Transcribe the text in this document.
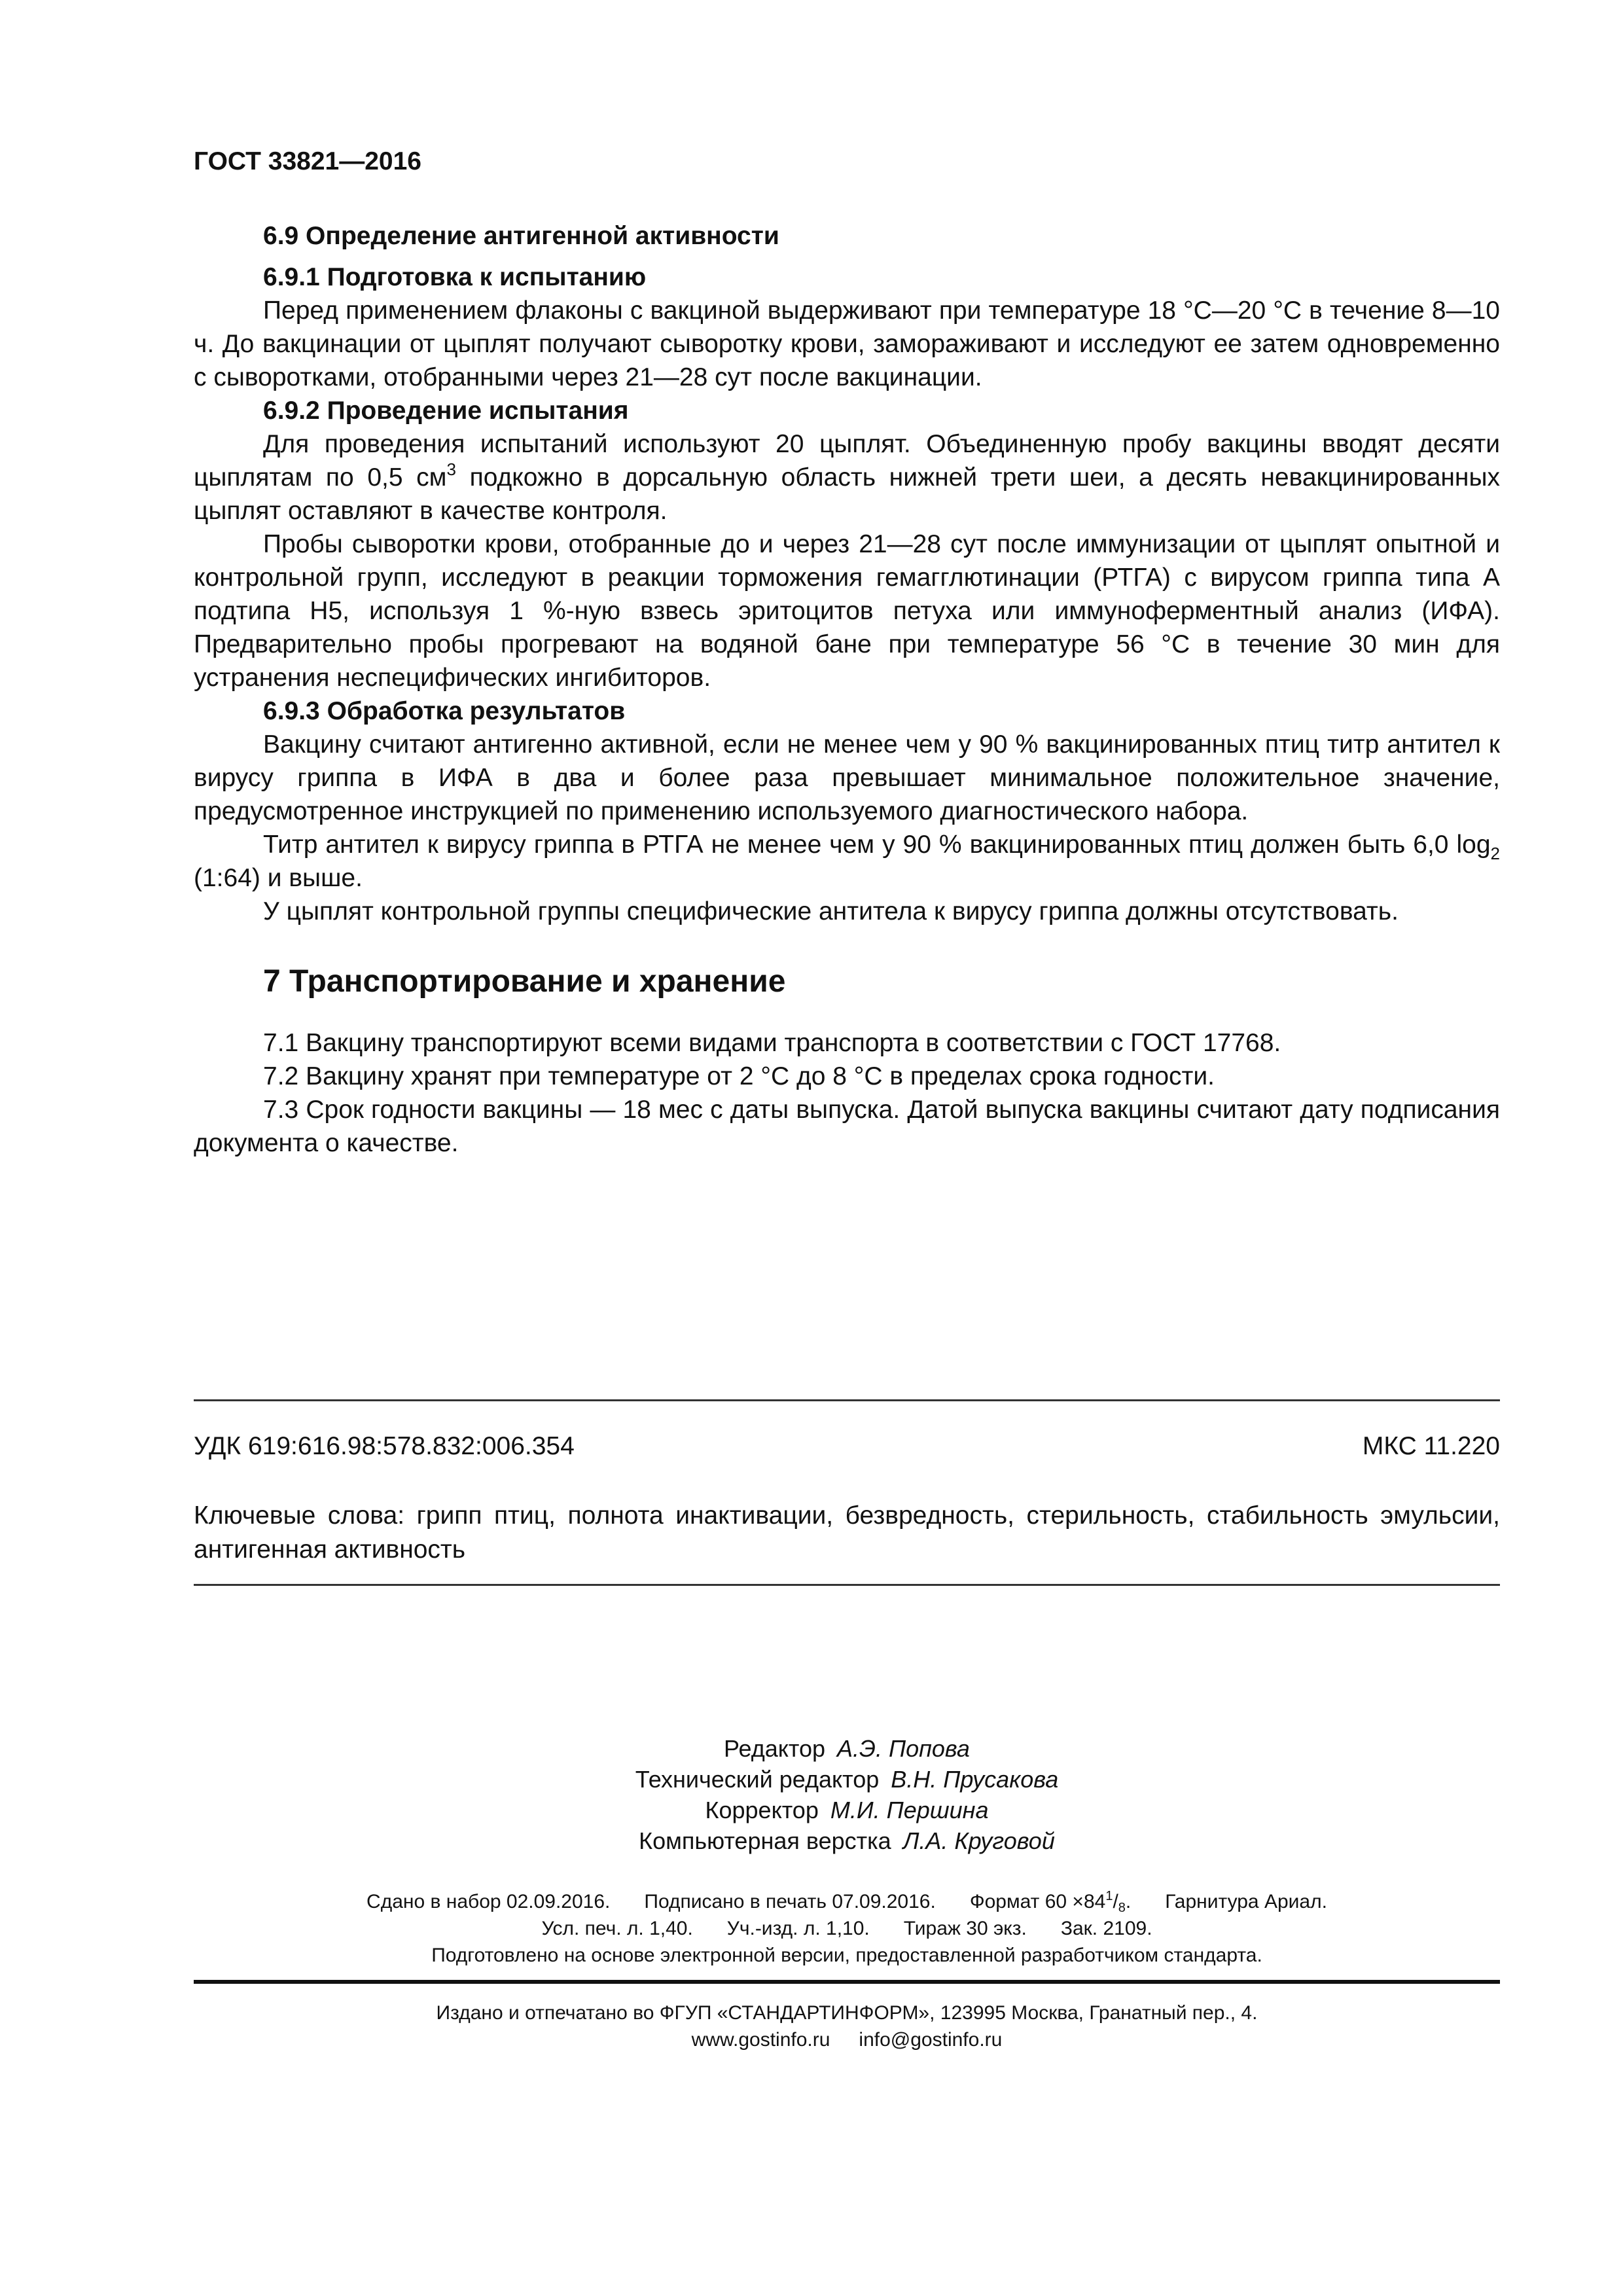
ГОСТ 33821—2016

6.9 Определение антигенной активности

6.9.1 Подготовка к испытанию

Перед применением флаконы с вакциной выдерживают при температуре 18 °С—20 °С в течение 8—10 ч. До вакцинации от цыплят получают сыворотку крови, замораживают и исследуют ее затем одновременно с сыворотками, отобранными через 21—28 сут после вакцинации.

6.9.2 Проведение испытания

Для проведения испытаний используют 20 цыплят. Объединенную пробу вакцины вводят десяти цыплятам по 0,5 $см^3$ подкожно в дорсальную область нижней трети шеи, а десять невакцинированных цыплят оставляют в качестве контроля.

Пробы сыворотки крови, отобранные до и через 21—28 сут после иммунизации от цыплят опытной и контрольной групп, исследуют в реакции торможения гемагглютинации (РТГА) с вирусом гриппа типа А подтипа Н5, используя 1 %-ную взвесь эритоцитов петуха или иммуноферментный анализ (ИФА). Предварительно пробы прогревают на водяной бане при температуре 56 °С в течение 30 мин для устранения неспецифических ингибиторов.

6.9.3 Обработка результатов

Вакцину считают антигенно активной, если не менее чем у 90 % вакцинированных птиц титр антител к вирусу гриппа в ИФА в два и более раза превышает минимальное положительное значение, предусмотренное инструкцией по применению используемого диагностического набора.

Титр антител к вирусу гриппа в РТГА не менее чем у 90 % вакцинированных птиц должен быть 6,0 $\log_2$ (1:64) и выше.

У цыплят контрольной группы специфические антитела к вирусу гриппа должны отсутствовать.

7 Транспортирование и хранение

7.1 Вакцину транспортируют всеми видами транспорта в соответствии с ГОСТ 17768.

7.2 Вакцину хранят при температуре от 2 °С до 8 °С в пределах срока годности.

7.3 Срок годности вакцины — 18 мес с даты выпуска. Датой выпуска вакцины считают дату подписания документа о качестве.

УДК 619:616.98:578.832:006.354	МКС 11.220

Ключевые слова: грипп птиц, полнота инактивации, безвредность, стерильность, стабильность эмульсии, антигенная активность

Редактор А.Э. Попова
Технический редактор В.Н. Прусакова
Корректор М.И. Першина
Компьютерная верстка Л.А. Круговой
Сдано в набор 02.09.2016. Подписано в печать 07.09.2016. Формат $60 \times 84^1/_8$. Гарнитура Ариал.
Усл. печ. л. 1,40. Уч.-изд. л. 1,10. Тираж 30 экз. Зак. 2109.
Подготовлено на основе электронной версии, предоставленной разработчиком стандарта.
Издано и отпечатано во ФГУП «СТАНДАРТИНФОРМ», 123995 Москва, Гранатный пер., 4.
www.gostinfo.ru info@gostinfo.ru
